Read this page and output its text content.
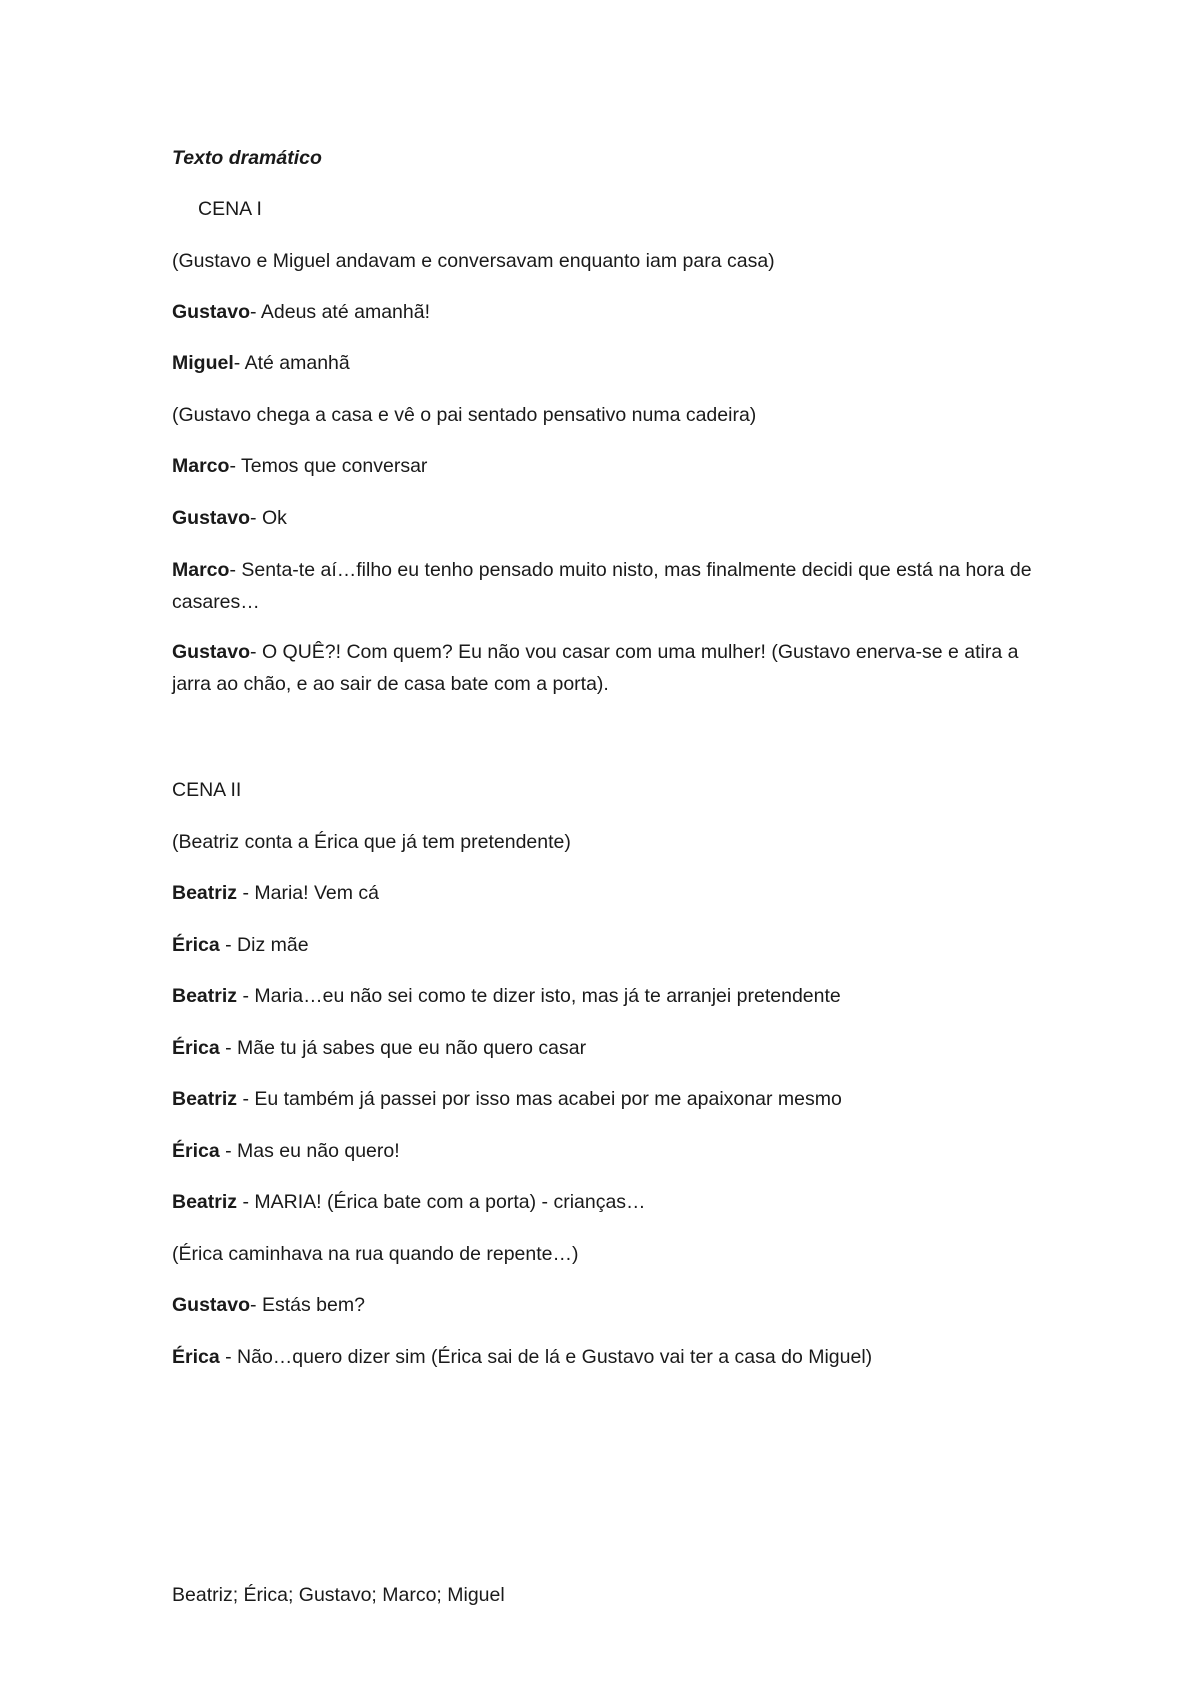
Texto dramático
CENA I
(Gustavo e Miguel andavam e conversavam enquanto iam para casa)
Gustavo- Adeus até amanhã!
Miguel- Até amanhã
(Gustavo chega a casa e vê o pai sentado pensativo numa cadeira)
Marco- Temos que conversar
Gustavo- Ok
Marco- Senta-te aí…filho eu tenho pensado muito nisto, mas finalmente decidi que está na hora de casares…
Gustavo- O QUÊ?! Com quem? Eu não vou casar com uma mulher! (Gustavo enerva-se e atira a jarra ao chão, e ao sair de casa bate com a porta).
CENA II
(Beatriz conta a Érica que já tem pretendente)
Beatriz - Maria! Vem cá
Érica - Diz mãe
Beatriz - Maria…eu não sei como te dizer isto, mas já te arranjei pretendente
Érica - Mãe tu já sabes que eu não quero casar
Beatriz - Eu também já passei por isso mas acabei por me apaixonar mesmo
Érica - Mas eu não quero!
Beatriz - MARIA! (Érica bate com a porta) - crianças…
(Érica caminhava na rua quando de repente…)
Gustavo- Estás bem?
Érica - Não…quero dizer sim (Érica sai de lá e Gustavo vai ter a casa do Miguel)
Beatriz; Érica; Gustavo; Marco; Miguel
